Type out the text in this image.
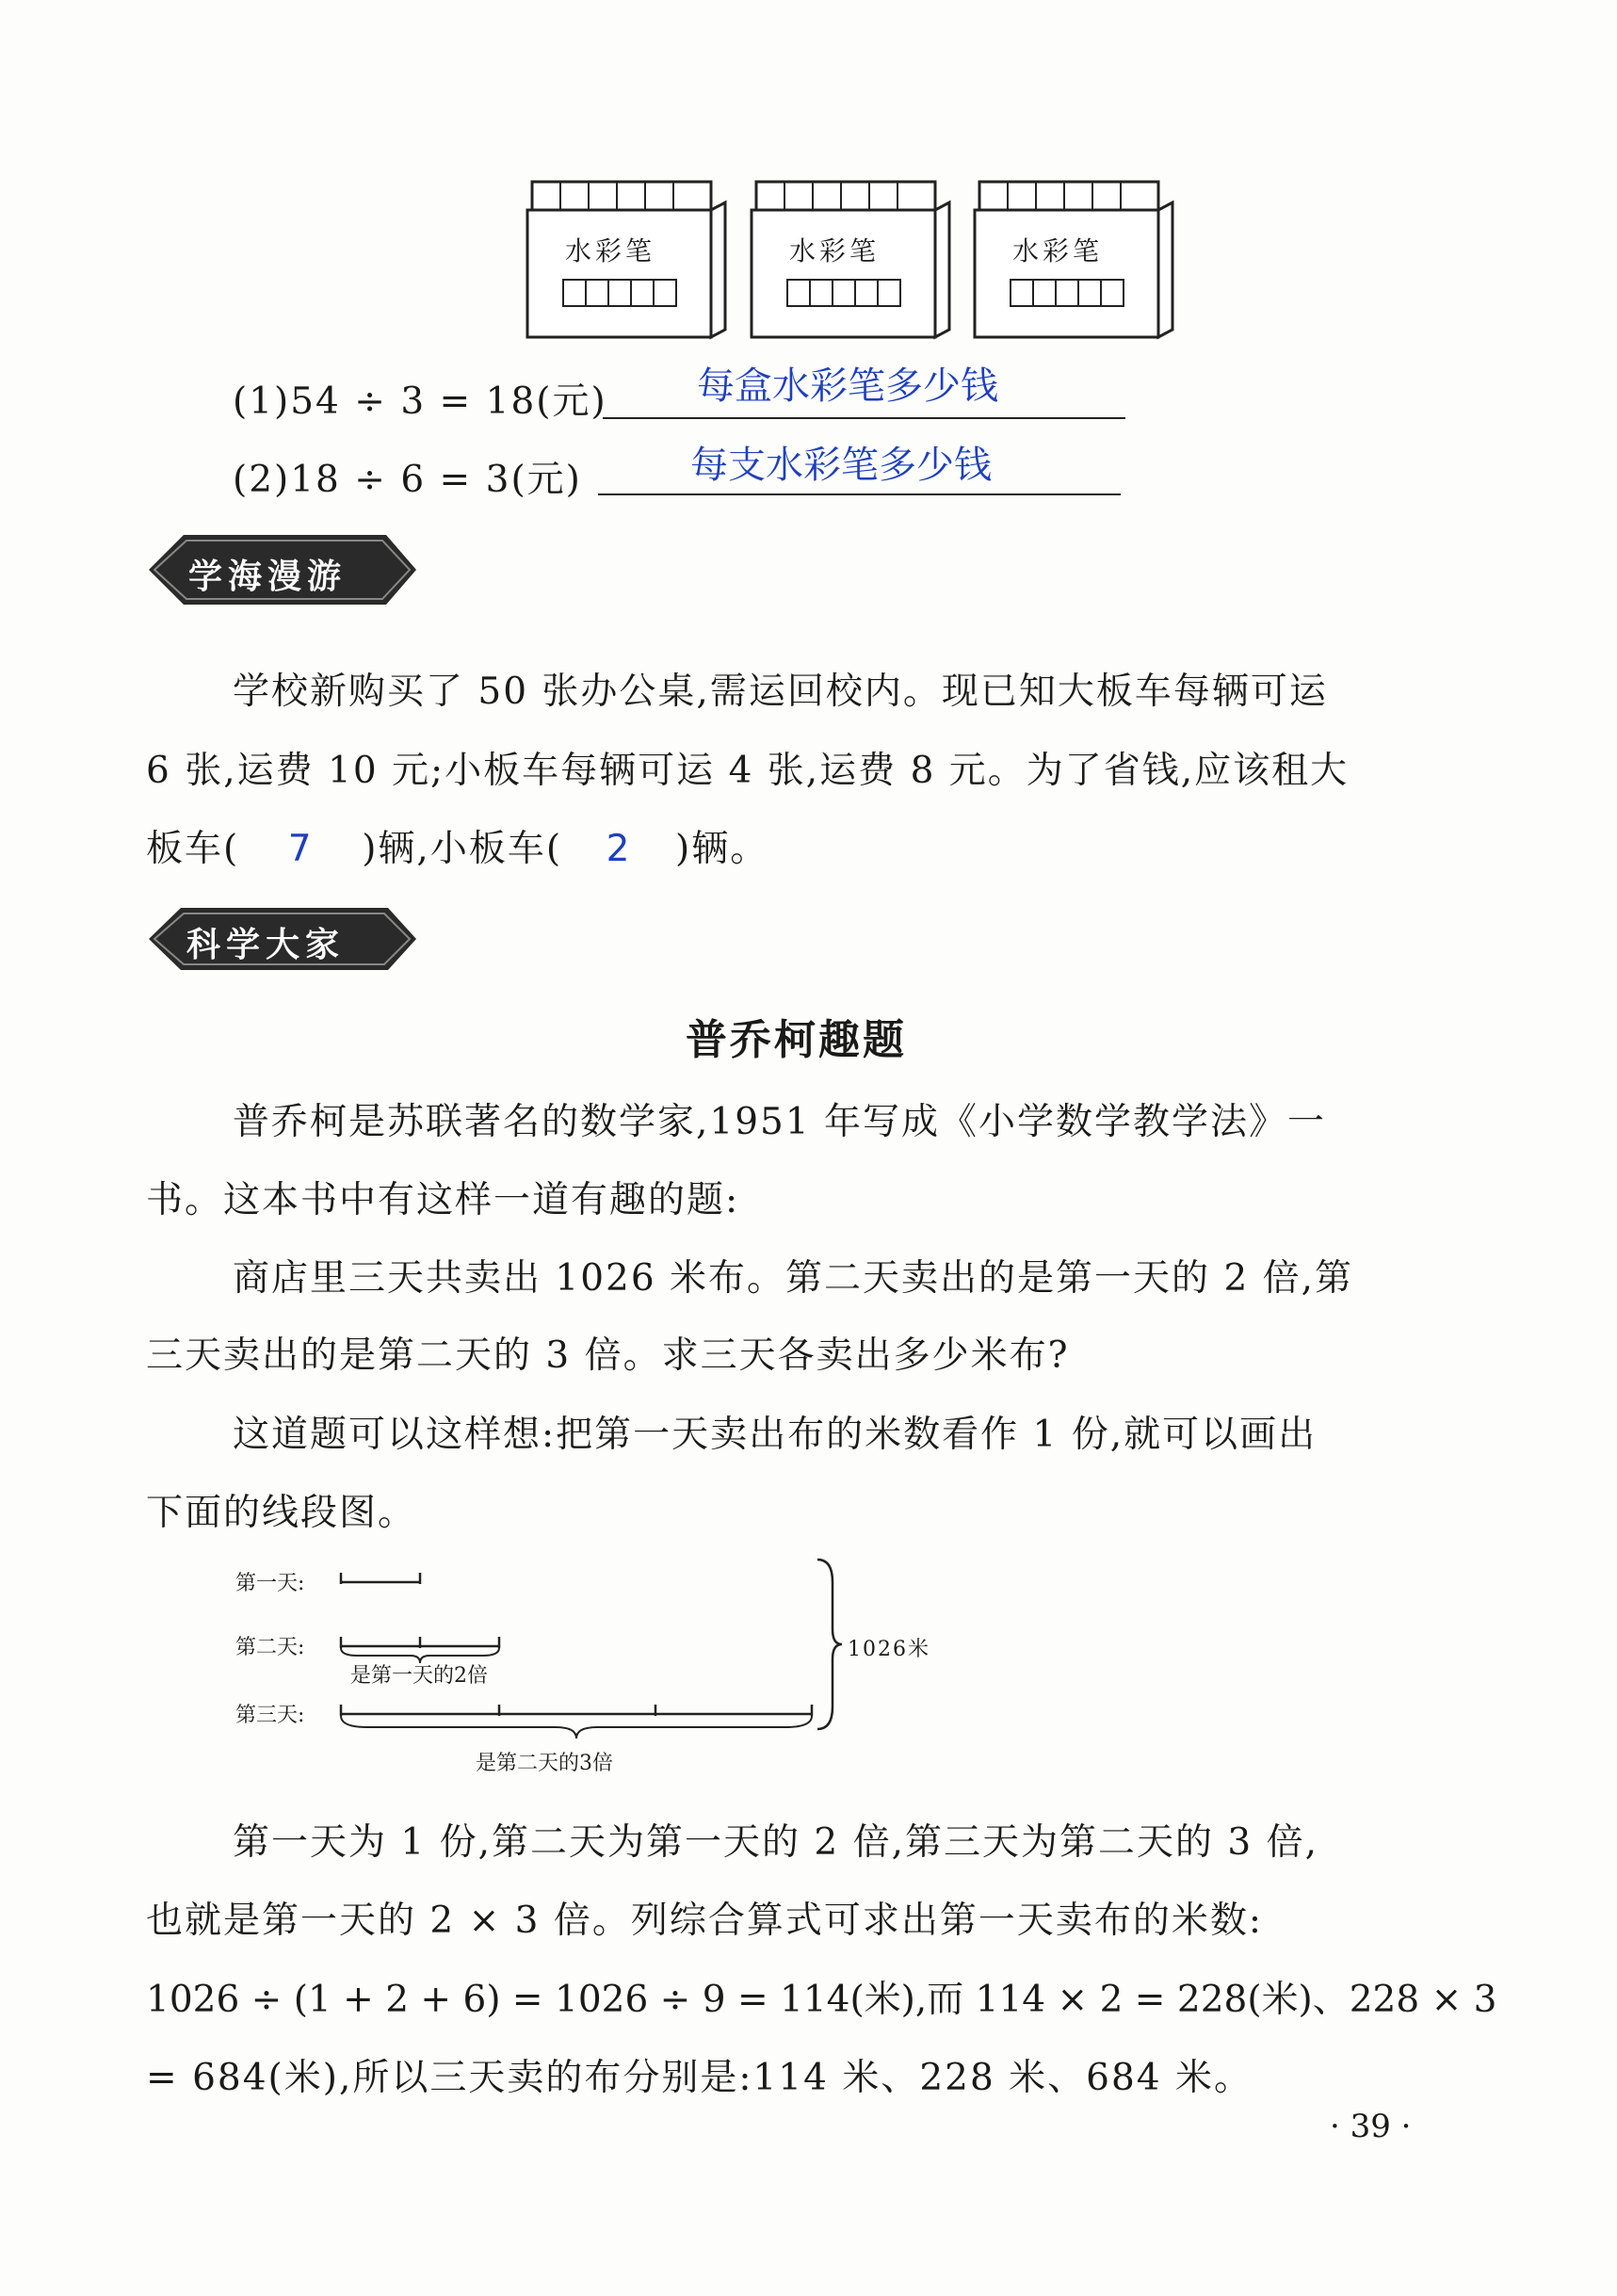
水彩笔	水彩笔	水彩笔
(1)54 ÷ 3 = 18(元) 每盒水彩笔多少钱
(2)18 ÷ 6 = 3(元)	每支水彩笔多少钱
学海漫游
学校新购买了 50 张办公桌,需运回校内。现已知大板车每辆可运
6 张,运费 10 元;小板车每辆可运 4 张,运费 8 元。为了省钱,应该租大
板车( 7 )辆,小板车( 2 )辆。
科学大家
普乔柯趣题
普乔柯是苏联著名的数学家,1951 年写成《小学数学教学法》一
书。这本书中有这样一道有趣的题:
商店里三天共卖出 1026 米布。第二天卖出的是第一天的 2 倍,第
三天卖出的是第二天的 3 倍。求三天各卖出多少米布?
这道题可以这样想:把第一天卖出布的米数看作 1 份,就可以画出
下面的线段图。
第一天:
第二天:
第三天:
是第一天的2倍
是第二天的3倍
1026米
第一天为 1 份,第二天为第一天的 2 倍,第三天为第二天的 3 倍,
也就是第一天的 2 × 3 倍。列综合算式可求出第一天卖布的米数:
1026 ÷ (1 + 2 + 6) = 1026 ÷ 9 = 114(米),而 114 × 2 = 228(米)、228 × 3
= 684(米),所以三天卖的布分别是:114 米、228 米、684 米。
· 39 ·
